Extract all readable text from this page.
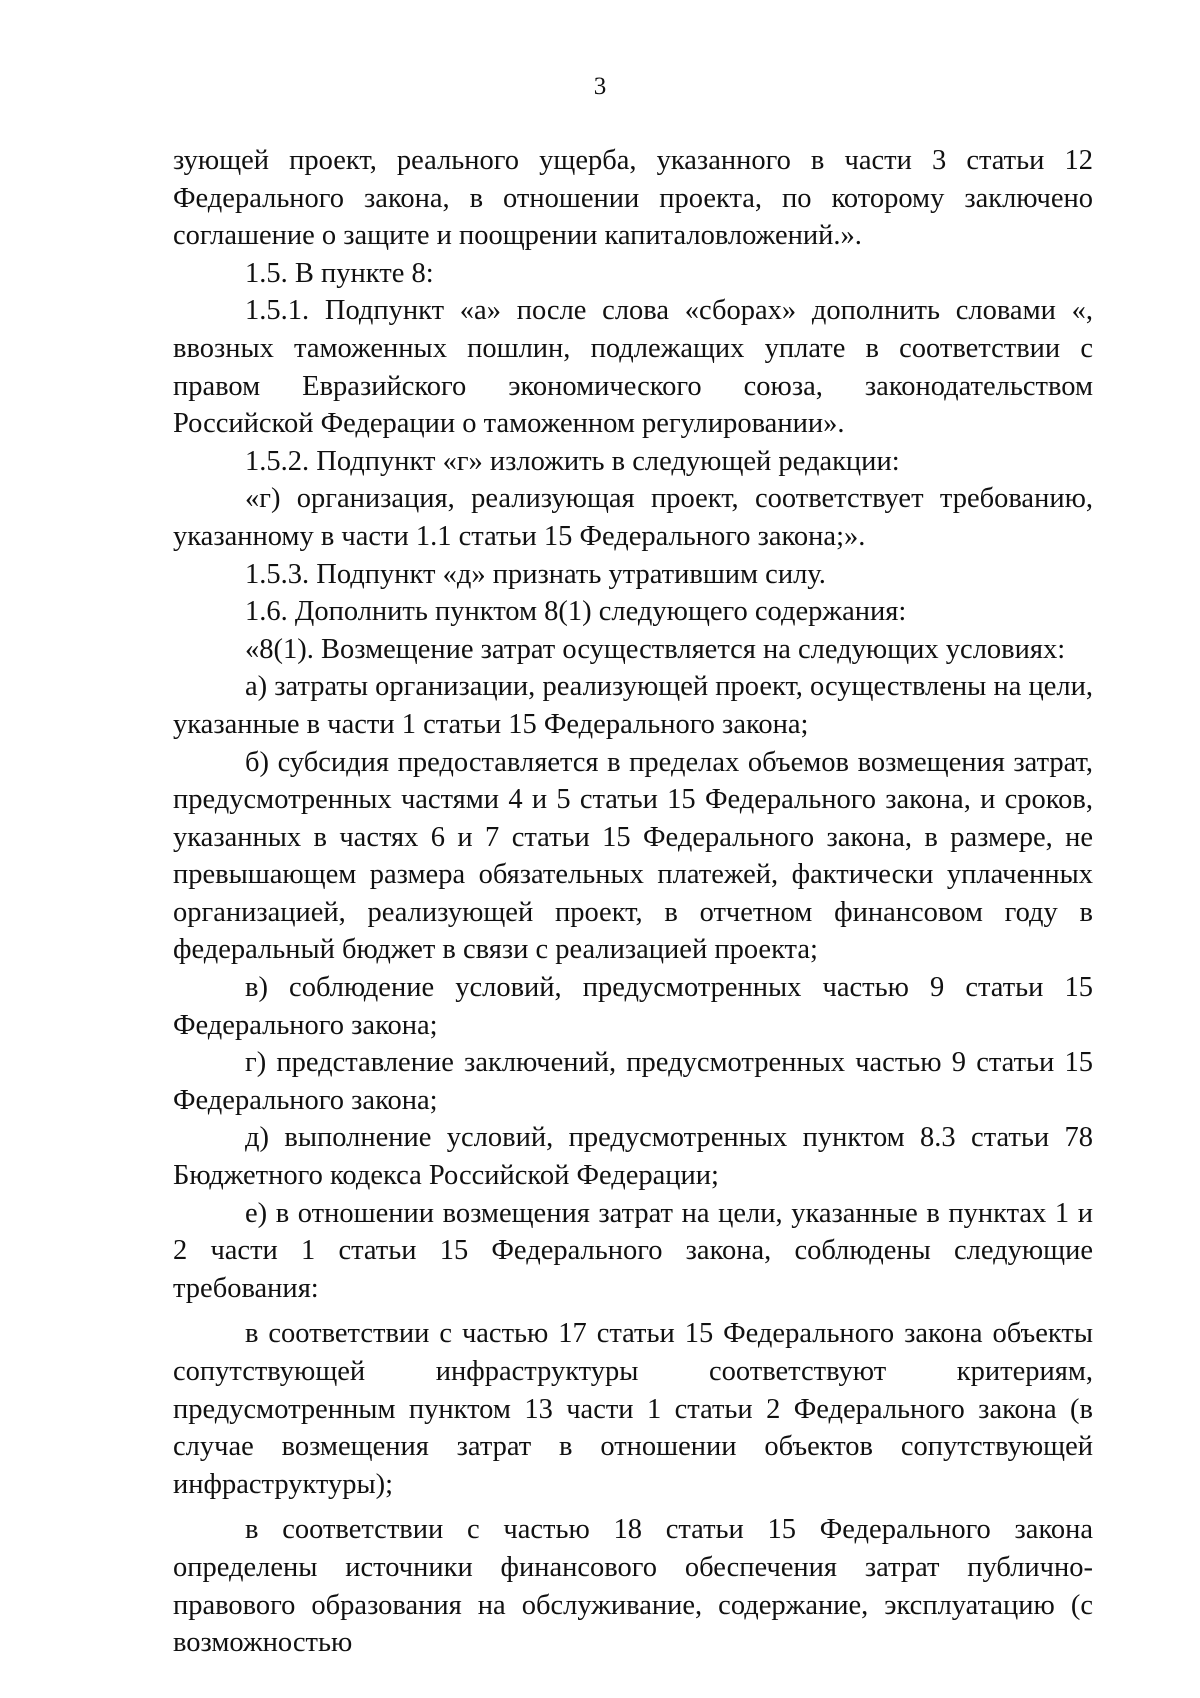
3

зующей проект, реального ущерба, указанного в части 3 статьи 12 Федерального закона, в отношении проекта, по которому заключено соглашение о защите и поощрении капиталовложений.».

1.5. В пункте 8:

1.5.1. Подпункт «а» после слова «сборах» дополнить словами «, ввозных таможенных пошлин, подлежащих уплате в соответствии с правом Евразийского экономического союза, законодательством Российской Федерации о таможенном регулировании».

1.5.2. Подпункт «г» изложить в следующей редакции:

«г) организация, реализующая проект, соответствует требованию, указанному в части 1.1 статьи 15 Федерального закона;».

1.5.3. Подпункт «д» признать утратившим силу.

1.6. Дополнить пунктом 8(1) следующего содержания:

«8(1). Возмещение затрат осуществляется на следующих условиях:

а) затраты организации, реализующей проект, осуществлены на цели, указанные в части 1 статьи 15 Федерального закона;

б) субсидия предоставляется в пределах объемов возмещения затрат, предусмотренных частями 4 и 5 статьи 15 Федерального закона, и сроков, указанных в частях 6 и 7 статьи 15 Федерального закона, в размере, не превышающем размера обязательных платежей, фактически уплаченных организацией, реализующей проект, в отчетном финансовом году в федеральный бюджет в связи с реализацией проекта;

в) соблюдение условий, предусмотренных частью 9 статьи 15 Федерального закона;

г) представление заключений, предусмотренных частью 9 статьи 15 Федерального закона;

д) выполнение условий, предусмотренных пунктом 8.3 статьи 78 Бюджетного кодекса Российской Федерации;

е) в отношении возмещения затрат на цели, указанные в пунктах 1 и 2 части 1 статьи 15 Федерального закона, соблюдены следующие требования:

в соответствии с частью 17 статьи 15 Федерального закона объекты сопутствующей инфраструктуры соответствуют критериям, предусмотренным пунктом 13 части 1 статьи 2 Федерального закона (в случае возмещения затрат в отношении объектов сопутствующей инфраструктуры);

в соответствии с частью 18 статьи 15 Федерального закона определены источники финансового обеспечения затрат публично-правового образования на обслуживание, содержание, эксплуатацию (с возможностью
